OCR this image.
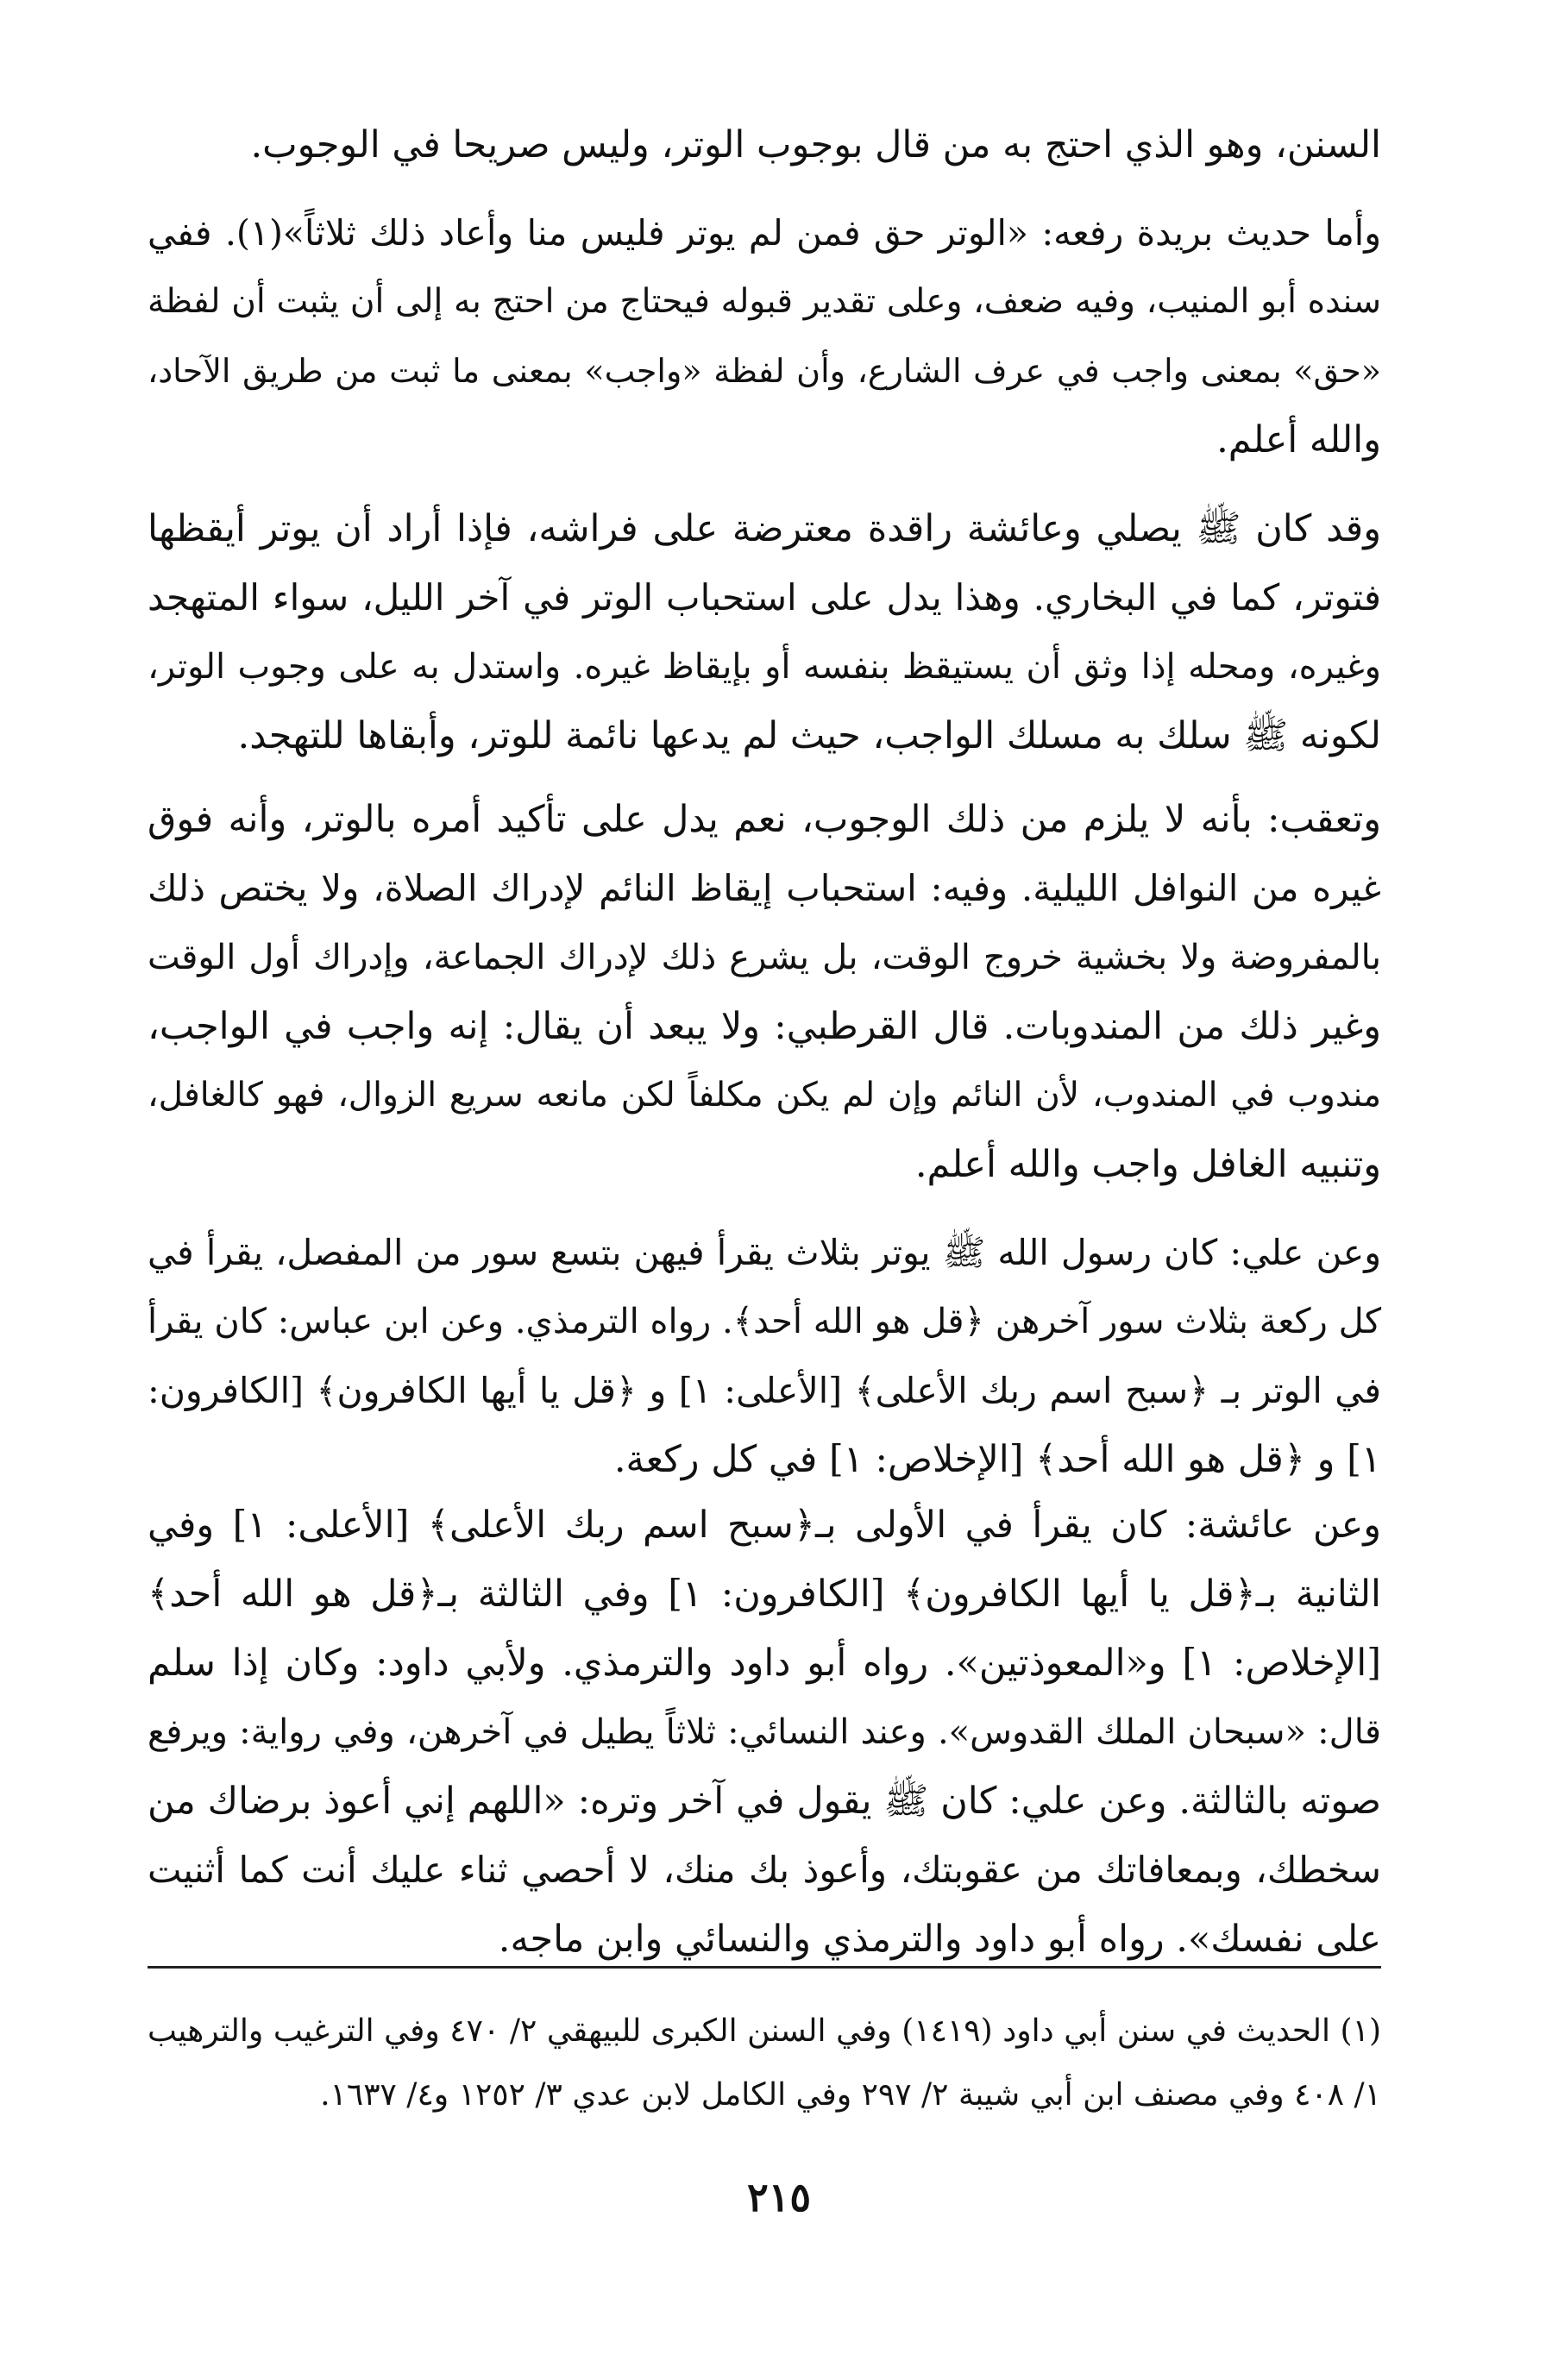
السنن، وهو الذي احتج به من قال بوجوب الوتر، وليس صريحا في الوجوب.
وأما حديث بريدة رفعه: «الوتر حق فمن لم يوتر فليس منا وأعاد ذلك ثلاثاً»(١). ففي
سنده أبو المنيب، وفيه ضعف، وعلى تقدير قبوله فيحتاج من احتج به إلى أن يثبت أن لفظة
«حق» بمعنى واجب في عرف الشارع، وأن لفظة «واجب» بمعنى ما ثبت من طريق الآحاد،
والله أعلم.
وقد كان ﷺ يصلي وعائشة راقدة معترضة على فراشه، فإذا أراد أن يوتر أيقظها
فتوتر، كما في البخاري. وهذا يدل على استحباب الوتر في آخر الليل، سواء المتهجد
وغيره، ومحله إذا وثق أن يستيقظ بنفسه أو بإيقاظ غيره. واستدل به على وجوب الوتر،
لكونه ﷺ سلك به مسلك الواجب، حيث لم يدعها نائمة للوتر، وأبقاها للتهجد.
وتعقب: بأنه لا يلزم من ذلك الوجوب، نعم يدل على تأكيد أمره بالوتر، وأنه فوق
غيره من النوافل الليلية. وفيه: استحباب إيقاظ النائم لإدراك الصلاة، ولا يختص ذلك
بالمفروضة ولا بخشية خروج الوقت، بل يشرع ذلك لإدراك الجماعة، وإدراك أول الوقت
وغير ذلك من المندوبات. قال القرطبي: ولا يبعد أن يقال: إنه واجب في الواجب،
مندوب في المندوب، لأن النائم وإن لم يكن مكلفاً لكن مانعه سريع الزوال، فهو كالغافل،
وتنبيه الغافل واجب والله أعلم.
وعن علي: كان رسول الله ﷺ يوتر بثلاث يقرأ فيهن بتسع سور من المفصل، يقرأ في
كل ركعة بثلاث سور آخرهن ﴿قل هو الله أحد﴾. رواه الترمذي. وعن ابن عباس: كان يقرأ
في الوتر بـ ﴿سبح اسم ربك الأعلى﴾ [الأعلى: ١] و ﴿قل يا أيها الكافرون﴾ [الكافرون:
١] و ﴿قل هو الله أحد﴾ [الإخلاص: ١] في كل ركعة.
وعن عائشة: كان يقرأ في الأولى بـ﴿سبح اسم ربك الأعلى﴾ [الأعلى: ١] وفي
الثانية بـ﴿قل يا أيها الكافرون﴾ [الكافرون: ١] وفي الثالثة بـ﴿قل هو الله أحد﴾
[الإخلاص: ١] و«المعوذتين». رواه أبو داود والترمذي. ولأبي داود: وكان إذا سلم
قال: «سبحان الملك القدوس». وعند النسائي: ثلاثاً يطيل في آخرهن، وفي رواية: ويرفع
صوته بالثالثة. وعن علي: كان ﷺ يقول في آخر وتره: «اللهم إني أعوذ برضاك من
سخطك، وبمعافاتك من عقوبتك، وأعوذ بك منك، لا أحصي ثناء عليك أنت كما أثنيت
على نفسك». رواه أبو داود والترمذي والنسائي وابن ماجه.
(١) الحديث في سنن أبي داود (١٤١٩) وفي السنن الكبرى للبيهقي ٢/ ٤٧٠ وفي الترغيب والترهيب
١/ ٤٠٨ وفي مصنف ابن أبي شيبة ٢/ ٢٩٧ وفي الكامل لابن عدي ٣/ ١٢٥٢ و٤/ ١٦٣٧.
٢١٥
